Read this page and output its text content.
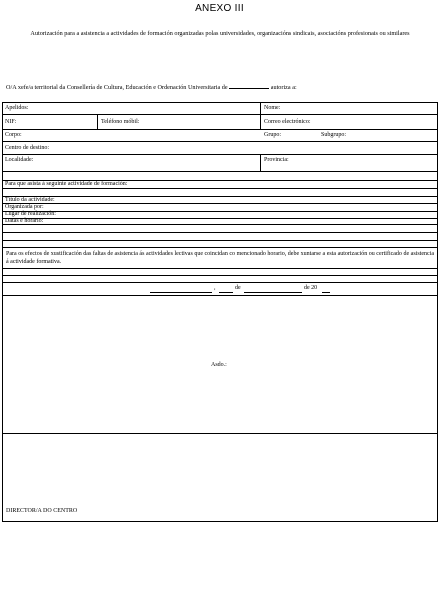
ANEXO III
Autorización para a asistencia a actividades de formación organizadas polas universidades, organizacións sindicais, asociacións profesionais ou similares
O/A xefe/a territorial da Consellería de Cultura, Educación e Ordenación Universitaria de	autoriza a:
Apelidos:	Nome:
NIF:	Teléfono móbil:	Correo electrónico:
Corpo:	Grupo:	Subgrupo:
Centro de destino:
Localidade:	Provincia:
Para que asista á seguinte actividade de formación:
Título da actividade:
Organizada por:
Lugar de realización:
Datas e horario:
Para os efectos de xustificación das faltas de asistencia ás actividades lectivas que coincidan co mencionado horario, debe xuntarse a esta autorización ou certificado de asistencia á actividade formativa.
,	de	de 20
Asdo.:
DIRECTOR/A DO CENTRO
